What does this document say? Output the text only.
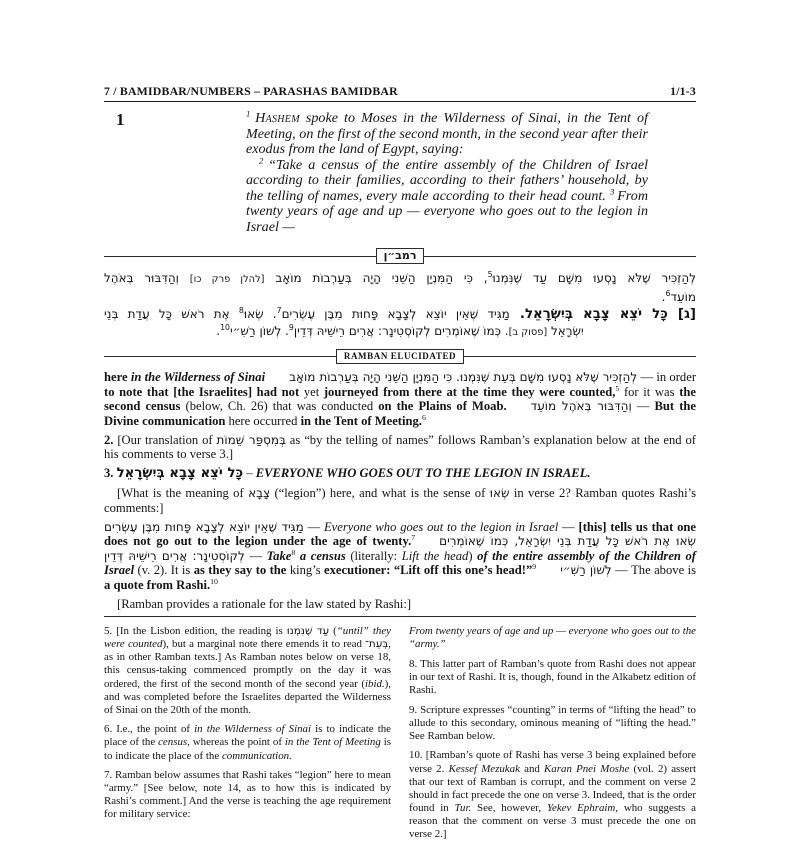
7 / BAMIDBAR/NUMBERS – PARASHAS BAMIDBAR	1/1-3
1	$^1$ Hashem spoke to Moses in the Wilderness of Sinai, in the Tent of Meeting, on the first of the second month, in the second year after their exodus from the land of Egypt, saying:

$^2$ “Take a census of the entire assembly of the Children of Israel according to their families, according to their fathers’ household, by the telling of names, every male according to their head count. $^3$ From twenty years of age and up — everyone who goes out to the legion in Israel —

רמב״ן
לְהַזְכִּיר שֶׁלֹּא נָסְעוּ מִשָּׁם עַד שֶׁנִּמְנוּ$^5$, כִּי הַמִּנְיָן הַשֵּׁנִי הָיָה בְּעַרְבוֹת מוֹאָב [להלן פרק כו] וְהַדִּבּוּר בְּאֹהֶל
מוֹעֵד$^6$.
[ג] כָּל יֹצֵא צָבָא בְּיִשְׂרָאֵל. מַגִּיד שֶׁאֵין יוֹצֵא לְצָבָא פָּחוּת מִבֶּן עֶשְׂרִים$^7$. שְׂאוּ$^8$ אֶת רֹאשׁ כָּל עֲדַת בְּנֵי
יִשְׂרָאֵל [פסוק ב]. כְּמוֹ שֶׁאוֹמְרִים לְקוֹסְטִינָר: אֲרִים רֵישֵׁיהּ דְּדֵין$^9$. לְשׁוֹן רַשִׁ״י$^{10}$.
RAMBAN ELUCIDATED

here in the Wilderness of Sinai לְהַזְכִּיר שֶׁלֹּא נָסְעוּ מִשָּׁם בְּעֵת שֶׁנִּמְנוּ. כִּי הַמִּנְיָן הַשֵּׁנִי הָיָה בְּעַרְבוֹת מוֹאָב — in order to note that [the Israelites] had not yet journeyed from there at the time they were counted,$^5$ for it was the second census (below, Ch. 26) that was conducted on the Plains of Moab. וְהַדִּבּוּר בְּאֹהֶל מוֹעֵד — But the Divine communication here occurred in the Tent of Meeting.$^6$

2. [Our translation of בְּמִסְפַּר שֵׁמוֹת as “by the telling of names” follows Ramban’s explanation below at the end of his comments to verse 3.]

3. כָּל יֹצֵא צָבָא בְּיִשְׂרָאֵל – EVERYONE WHO GOES OUT TO THE LEGION IN ISRAEL.

[What is the meaning of צָבָא (“legion”) here, and what is the sense of שְׂאוּ in verse 2? Ramban quotes Rashi’s comments:]

מַגִּיד שֶׁאֵין יוֹצֵא לְצָבָא פָּחוּת מִבֶּן עֶשְׂרִים — Everyone who goes out to the legion in Israel — [this] tells us that one does not go out to the legion under the age of twenty.$^7$ שְׂאוּ אֶת רֹאשׁ כָּל עֲדַת בְּנֵי יִשְׂרָאֵל, כְּמוֹ שֶׁאוֹמְרִים לְקוֹסְטִינָר: אֲרִים רֵישֵׁיהּ דְּדֵין — Take$^8$ a census (literally: Lift the head) of the entire assembly of the Children of Israel (v. 2). It is as they say to the king’s executioner: “Lift off this one’s head!”$^9$ לְשׁוֹן רַשִׁ״י — The above is a quote from Rashi.$^{10}$

[Ramban provides a rationale for the law stated by Rashi:]

5. [In the Lisbon edition, the reading is עַד שֶׁנִּמְנוּ (“until” they were counted), but a marginal note there emends it to read בְּעֵת־, as in other Ramban texts.] As Ramban notes below on verse 18, this census-taking commenced promptly on the day it was ordered, the first of the second month of the second year (ibid.), and was completed before the Israelites departed the Wilderness of Sinai on the 20th of the month.

6. I.e., the point of in the Wilderness of Sinai is to indicate the place of the census, whereas the point of in the Tent of Meeting is to indicate the place of the communication.

7. Ramban below assumes that Rashi takes “legion” here to mean “army.” [See below, note 14, as to how this is indicated by Rashi’s comment.] And the verse is teaching the age requirement for military service:

From twenty years of age and up — everyone who goes out to the “army.”

8. This latter part of Ramban’s quote from Rashi does not appear in our text of Rashi. It is, though, found in the Alkabetz edition of Rashi.

9. Scripture expresses “counting” in terms of “lifting the head” to allude to this secondary, ominous meaning of “lifting the head.” See Ramban below.

10. [Ramban’s quote of Rashi has verse 3 being explained before verse 2. Kessef Mezukak and Karan Pnei Moshe (vol. 2) assert that our text of Ramban is corrupt, and the comment on verse 2 should in fact precede the one on verse 3. Indeed, that is the order found in Tur. See, however, Yekev Ephraim, who suggests a reason that the comment on verse 3 must precede the one on verse 2.]
